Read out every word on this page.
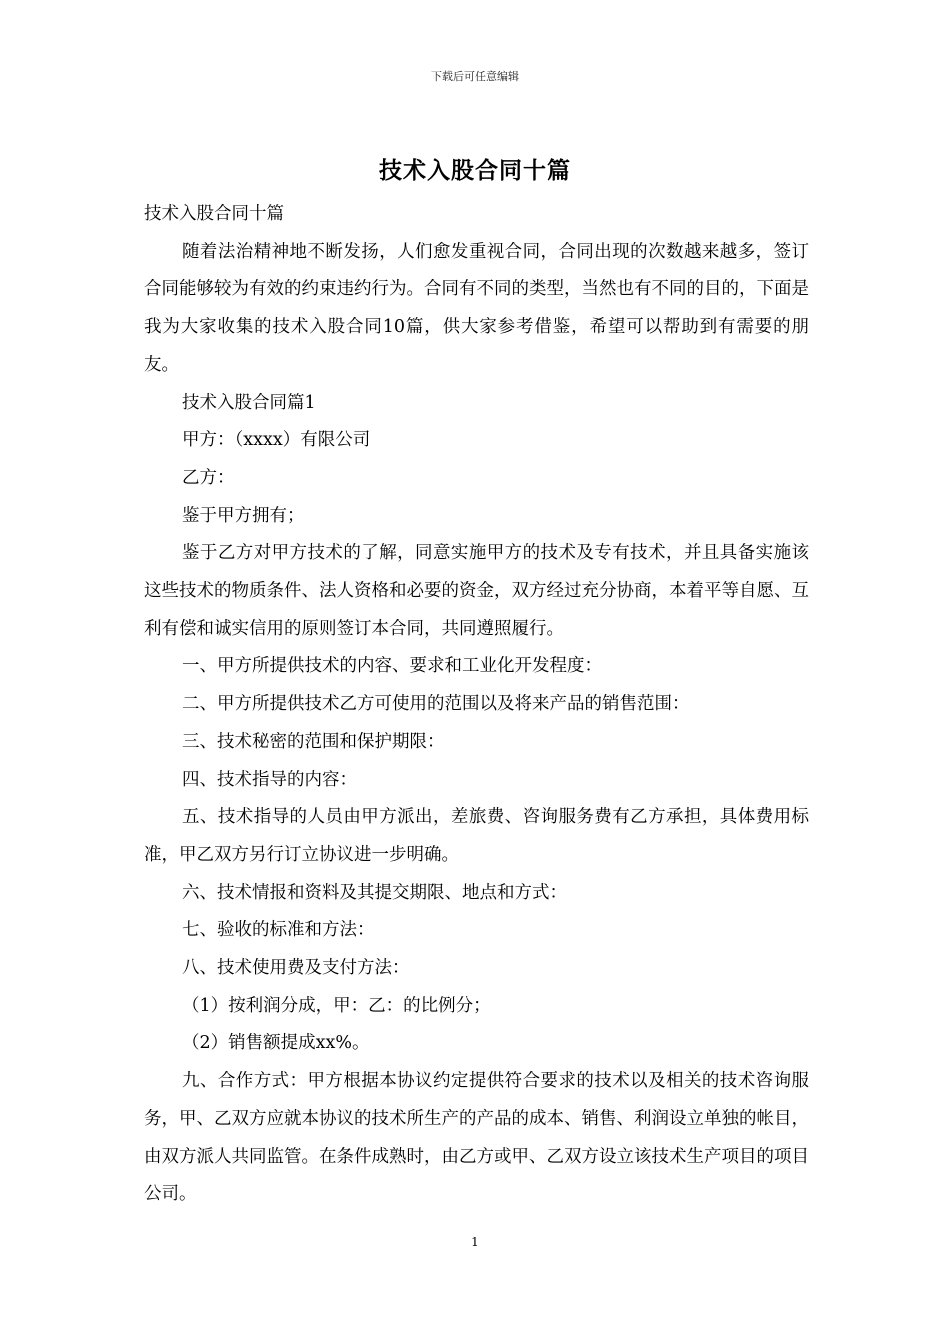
下载后可任意编辑
技术入股合同十篇

技术入股合同十篇

随着法治精神地不断发扬，人们愈发重视合同，合同出现的次数越来越多，签订合同能够较为有效的约束违约行为。合同有不同的类型，当然也有不同的目的，下面是我为大家收集的技术入股合同10篇，供大家参考借鉴，希望可以帮助到有需要的朋友。

技术入股合同篇1

甲方：（xxxx）有限公司

乙方：

鉴于甲方拥有；

鉴于乙方对甲方技术的了解，同意实施甲方的技术及专有技术，并且具备实施该这些技术的物质条件、法人资格和必要的资金，双方经过充分协商，本着平等自愿、互利有偿和诚实信用的原则签订本合同，共同遵照履行。

一、甲方所提供技术的内容、要求和工业化开发程度：

二、甲方所提供技术乙方可使用的范围以及将来产品的销售范围：

三、技术秘密的范围和保护期限：

四、技术指导的内容：

五、技术指导的人员由甲方派出，差旅费、咨询服务费有乙方承担，具体费用标准，甲乙双方另行订立协议进一步明确。

六、技术情报和资料及其提交期限、地点和方式：

七、验收的标准和方法：

八、技术使用费及支付方法：

（1）按利润分成，甲：乙：的比例分；

（2）销售额提成xx%。

九、合作方式：甲方根据本协议约定提供符合要求的技术以及相关的技术咨询服务，甲、乙双方应就本协议的技术所生产的产品的成本、销售、利润设立单独的帐目，由双方派人共同监管。在条件成熟时，由乙方或甲、乙双方设立该技术生产项目的项目公司。

1
